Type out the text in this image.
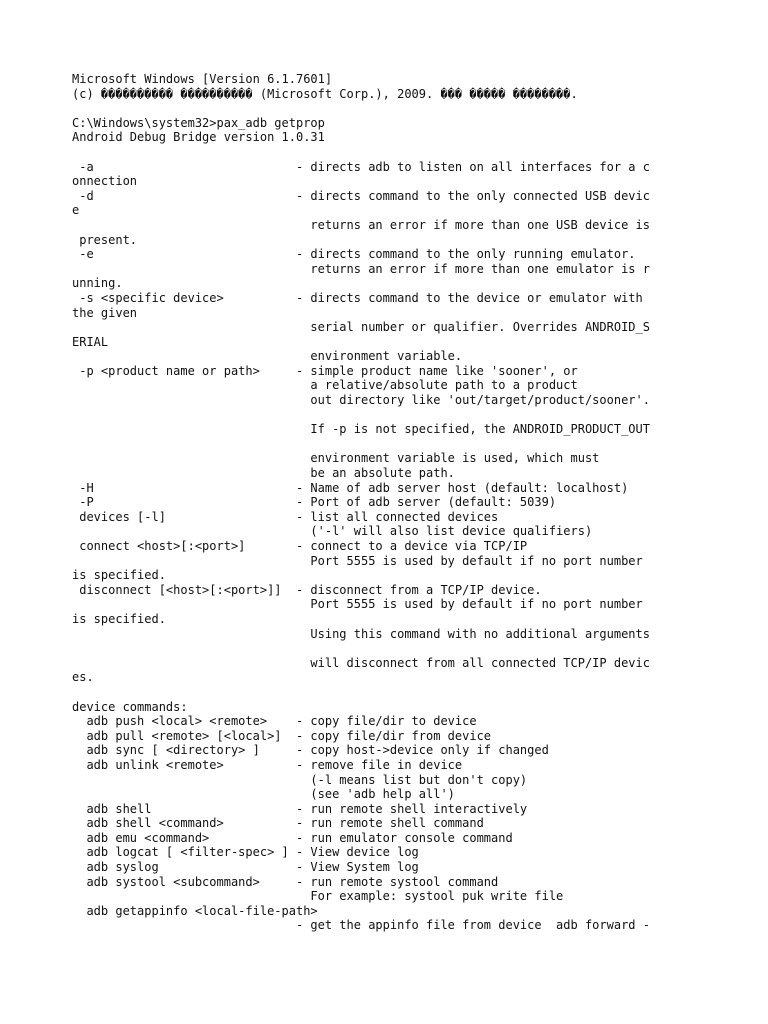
Microsoft Windows [Version 6.1.7601]
(c) ���������� ���������� (Microsoft Corp.), 2009. ��� ����� ��������.
C:\Windows\system32>pax_adb getprop
Android Debug Bridge version 1.0.31
-a                            - directs adb to listen on all interfaces for a c
onnection
-d                            - directs command to the only connected USB devic
e
returns an error if more than one USB device is
present.
-e                            - directs command to the only running emulator.
returns an error if more than one emulator is r
unning.
-s <specific device>          - directs command to the device or emulator with
the given
serial number or qualifier. Overrides ANDROID_S
ERIAL
environment variable.
-p <product name or path>     - simple product name like 'sooner', or
a relative/absolute path to a product
out directory like 'out/target/product/sooner'.
If -p is not specified, the ANDROID_PRODUCT_OUT
environment variable is used, which must
be an absolute path.
-H                            - Name of adb server host (default: localhost)
-P                            - Port of adb server (default: 5039)
devices [-l]                  - list all connected devices
('-l' will also list device qualifiers)
connect <host>[:<port>]       - connect to a device via TCP/IP
Port 5555 is used by default if no port number
is specified.
disconnect [<host>[:<port>]]  - disconnect from a TCP/IP device.
Port 5555 is used by default if no port number
is specified.
Using this command with no additional arguments
will disconnect from all connected TCP/IP devic
es.
device commands:
adb push <local> <remote>    - copy file/dir to device
adb pull <remote> [<local>]  - copy file/dir from device
adb sync [ <directory> ]     - copy host->device only if changed
adb unlink <remote>          - remove file in device
(-l means list but don't copy)
(see 'adb help all')
adb shell                    - run remote shell interactively
adb shell <command>          - run remote shell command
adb emu <command>            - run emulator console command
adb logcat [ <filter-spec> ] - View device log
adb syslog                   - View System log
adb systool <subcommand>     - run remote systool command
For example: systool puk write file
adb getappinfo <local-file-path>
- get the appinfo file from device  adb forward -
